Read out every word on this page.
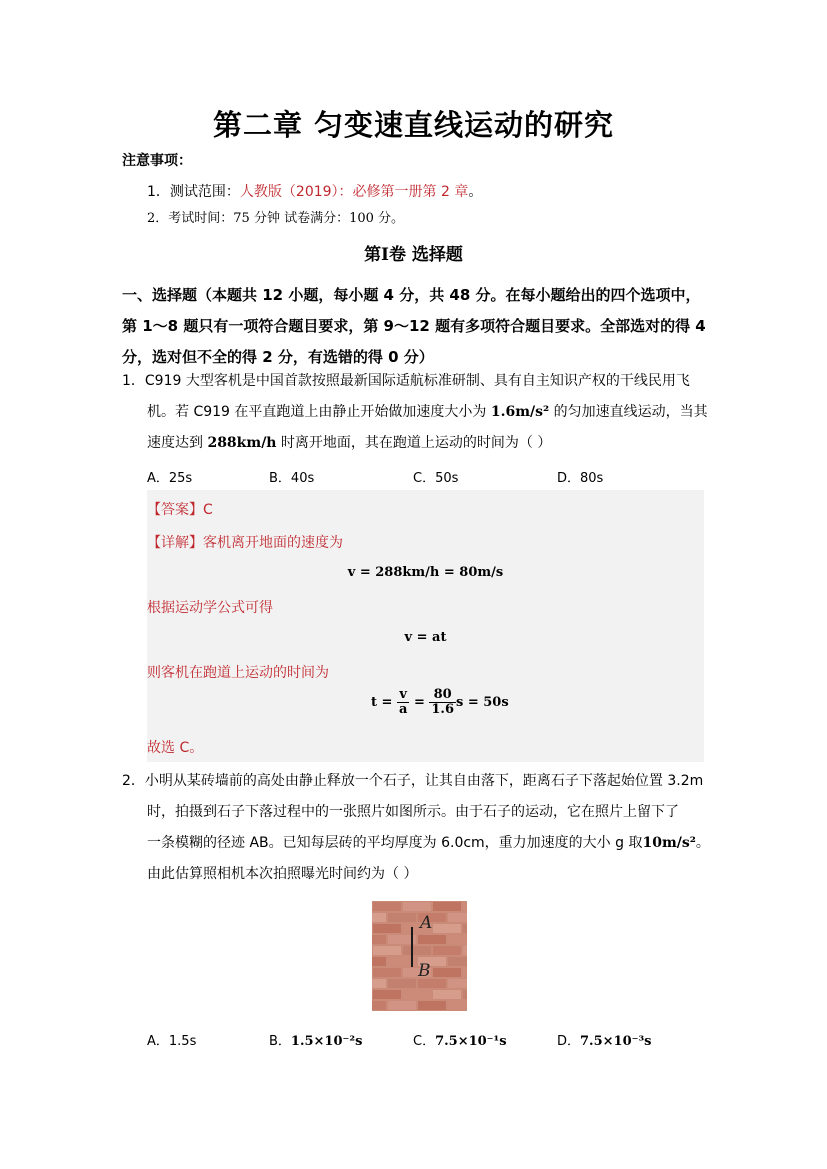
第二章 匀变速直线运动的研究
注意事项：
1．测试范围：人教版（2019）：必修第一册第 2 章。
2．考试时间：75 分钟 试卷满分：100 分。
第Ⅰ卷 选择题
一、选择题（本题共 12 小题，每小题 4 分，共 48 分。在每小题给出的四个选项中，第 1～8 题只有一项符合题目要求，第 9～12 题有多项符合题目要求。全部选对的得 4 分，选对但不全的得 2 分，有选错的得 0 分）
1．C919 大型客机是中国首款按照最新国际适航标准研制、具有自主知识产权的干线民用飞
机。若 C919 在平直跑道上由静止开始做加速度大小为 1.6m/s² 的匀加速直线运动，当其
速度达到 288km/h 时离开地面，其在跑道上运动的时间为（ ）
A．25s	B．40s	C．50s	D．80s
【答案】C
【详解】客机离开地面的速度为
v = 288km/h = 80m/s
根据运动学公式可得
v = at
则客机在跑道上运动的时间为
$t = \frac{v}{a} = \frac{80}{1.6}$ s = 50s
故选 C。
2．小明从某砖墙前的高处由静止释放一个石子，让其自由落下，距离石子下落起始位置 3.2m
时，拍摄到石子下落过程中的一张照片如图所示。由于石子的运动，它在照片上留下了
一条模糊的径迹 AB。已知每层砖的平均厚度为 6.0cm，重力加速度的大小 g 取10m/s²。
由此估算照相机本次拍照曝光时间约为（ ）
A
B
A．1.5s	B．1.5×10⁻²s	C．7.5×10⁻¹s	D．7.5×10⁻³s
